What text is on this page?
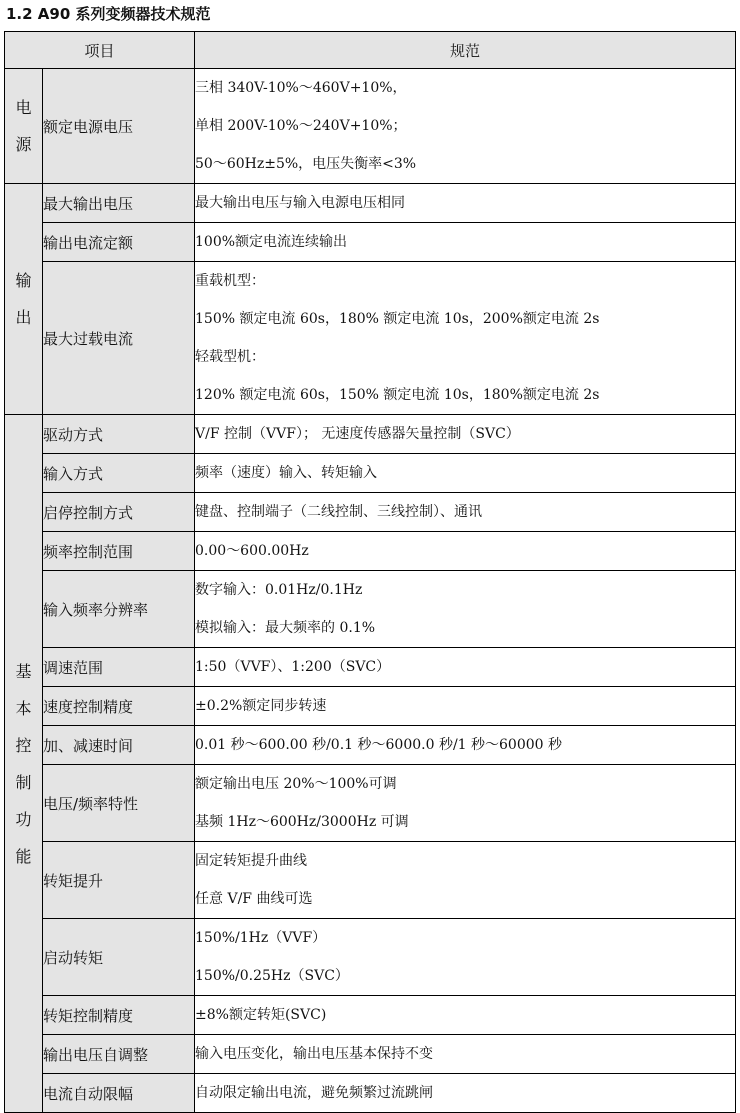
1.2 A90 系列变频器技术规范
项目		规范

电源	额定电源电压	三相 340V-10%～460V+10%，
单相 200V-10%～240V+10%；
50～60Hz±5%，电压失衡率<3%

输出	最大输出电压	最大输出电压与输入电源电压相同

	输出电流定额	100%额定电流连续输出

	最大过载电流	重载机型：
150% 额定电流 60s，180% 额定电流 10s，200%额定电流 2s
轻载型机：
120% 额定电流 60s，150% 额定电流 10s，180%额定电流 2s

基本控制功能	驱动方式	V/F 控制（VVF）； 无速度传感器矢量控制（SVC）

	输入方式	频率（速度）输入、转矩输入

	启停控制方式	键盘、控制端子（二线控制、三线控制）、通讯

	频率控制范围	0.00～600.00Hz

	输入频率分辨率	数字输入：0.01Hz/0.1Hz
模拟输入：最大频率的 0.1%

	调速范围	1:50（VVF）、1:200（SVC）

	速度控制精度	±0.2%额定同步转速

	加、减速时间	0.01 秒～600.00 秒/0.1 秒～6000.0 秒/1 秒～60000 秒

	电压/频率特性	额定输出电压 20%～100%可调
基频 1Hz～600Hz/3000Hz 可调

	转矩提升	固定转矩提升曲线
任意 V/F 曲线可选

	启动转矩	150%/1Hz（VVF）
150%/0.25Hz（SVC）

	转矩控制精度	±8%额定转矩(SVC)

	输出电压自调整	输入电压变化，输出电压基本保持不变

	电流自动限幅	自动限定输出电流，避免频繁过流跳闸
